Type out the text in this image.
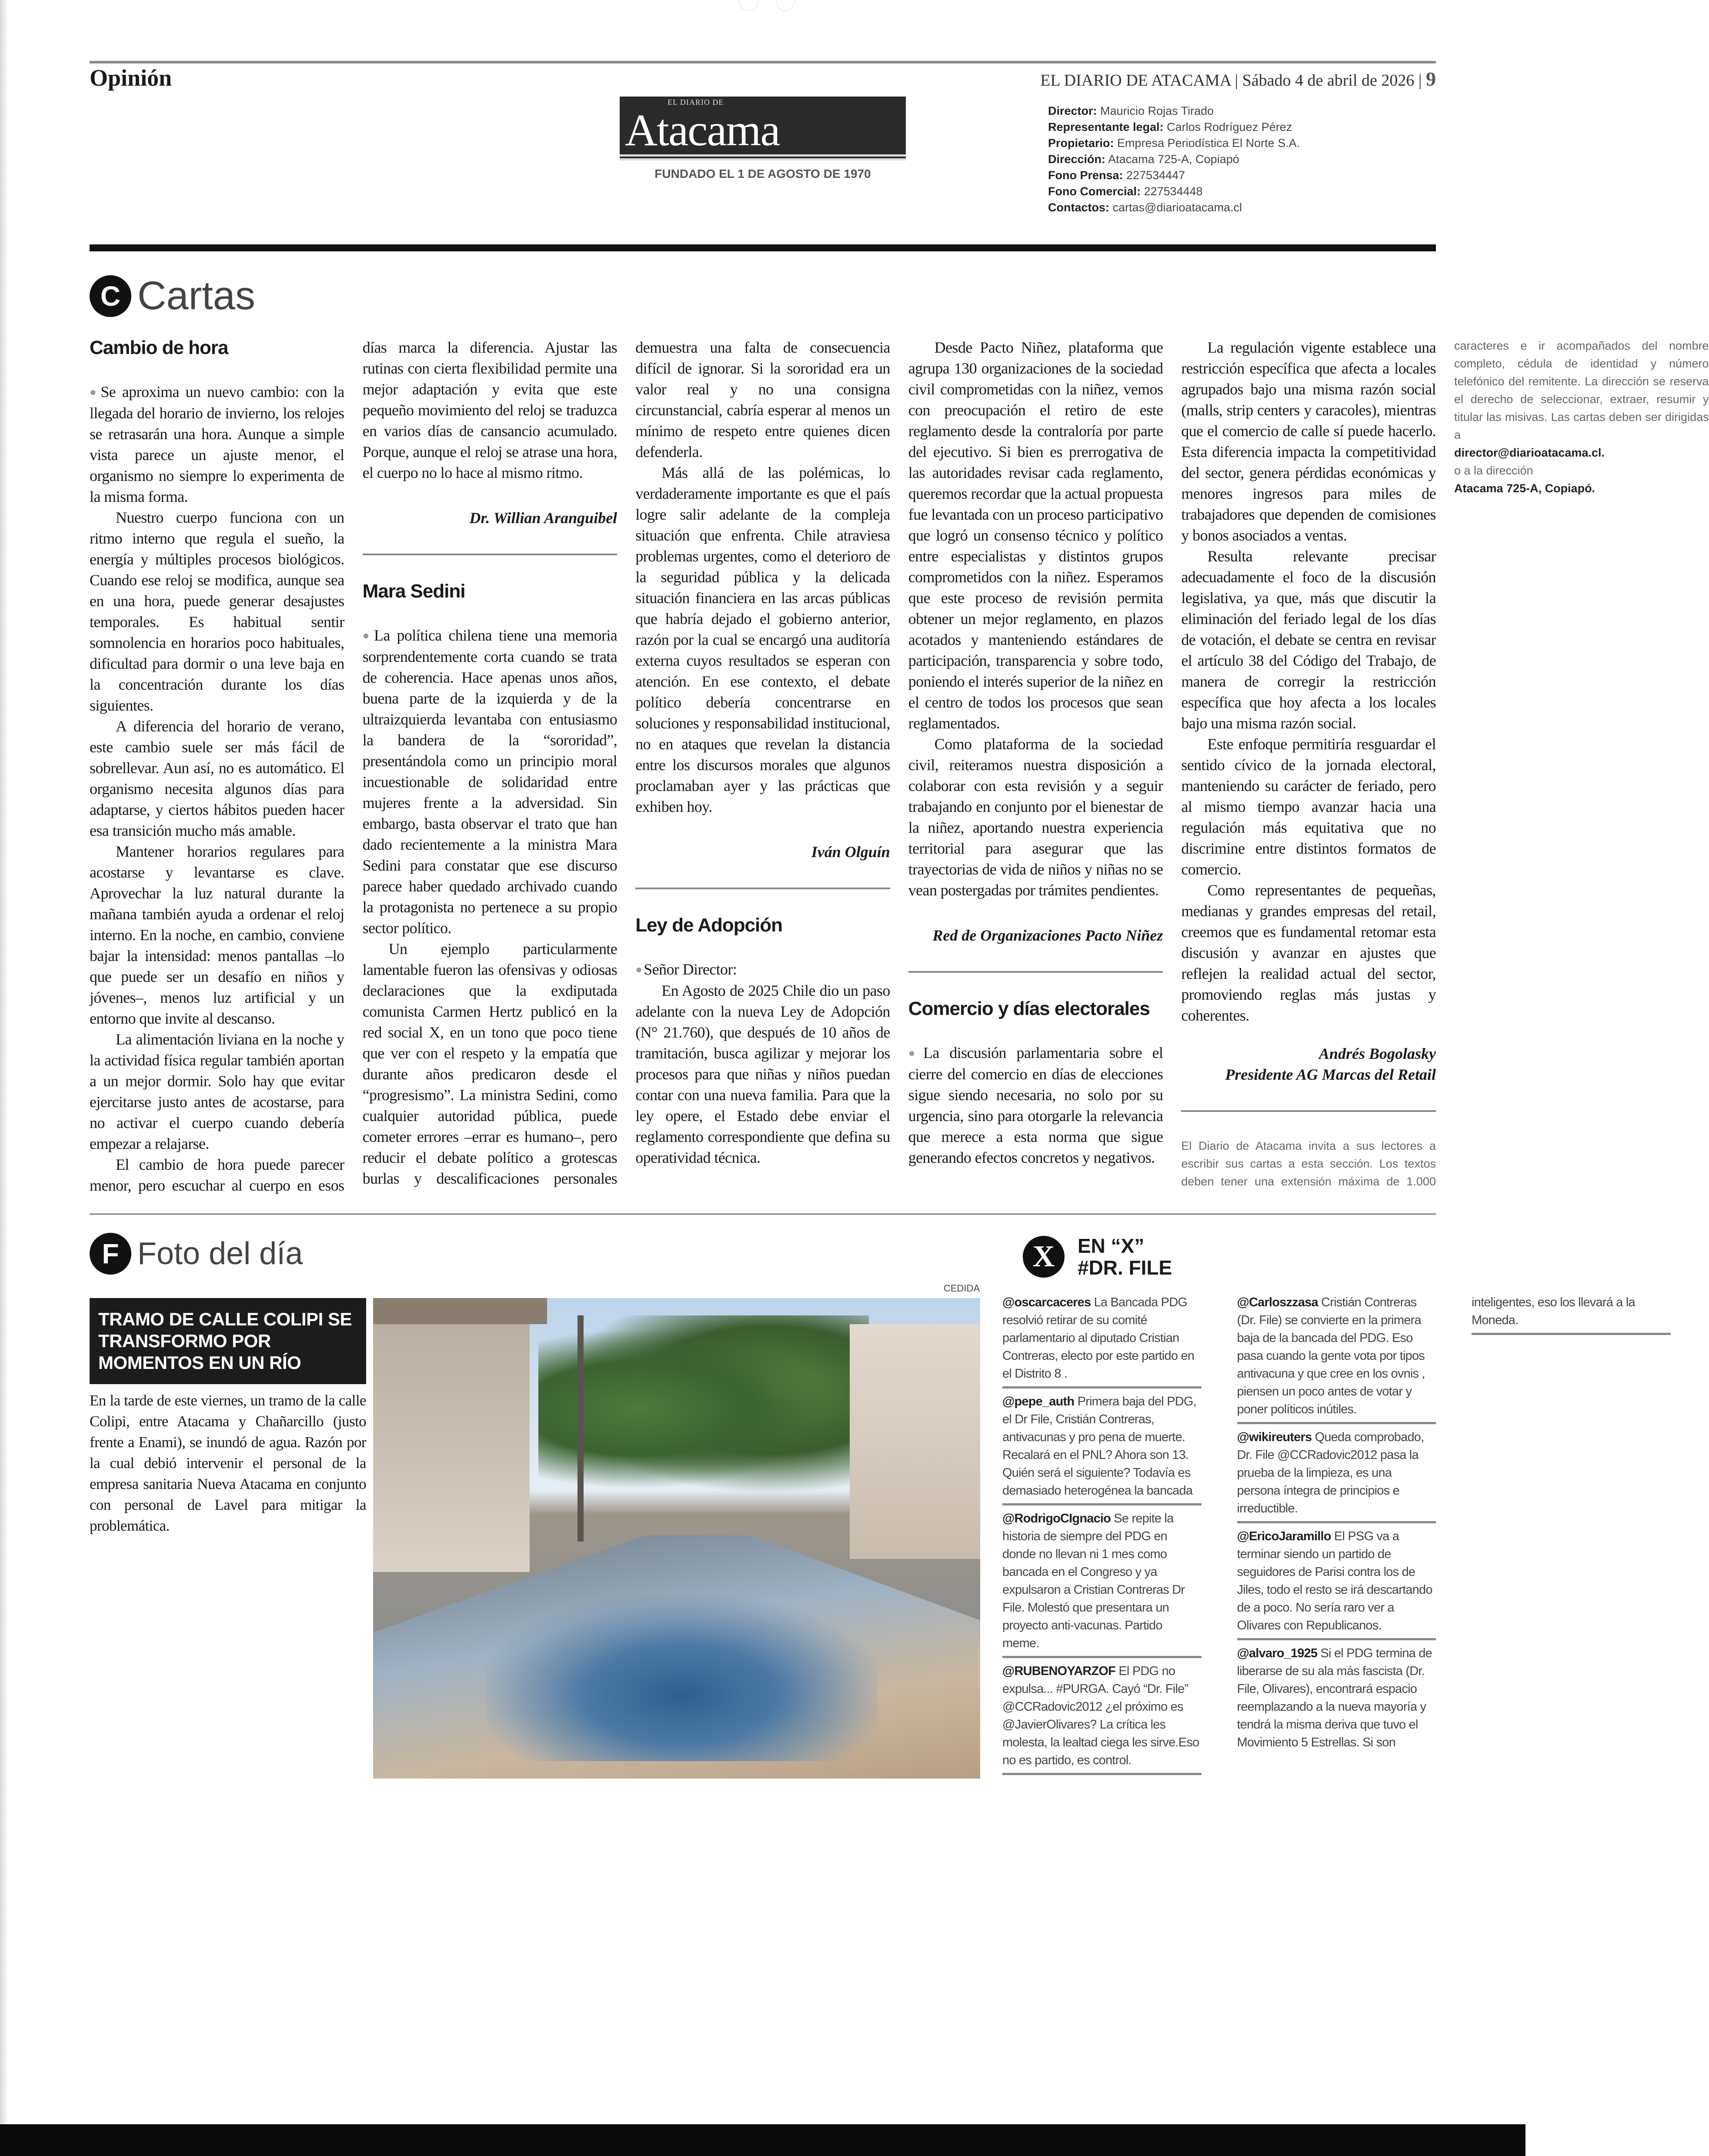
Opinión	EL DIARIO DE ATACAMA | Sábado 4 de abril de 2026 | 9
EL DIARIO DE
Atacama
FUNDADO EL 1 DE AGOSTO DE 1970
Director: Mauricio Rojas Tirado
Representante legal: Carlos Rodríguez Pérez
Propietario: Empresa Periodística El Norte S.A.
Dirección: Atacama 725-A, Copiapó
Fono Prensa: 227534447
Fono Comercial: 227534448
Contactos: cartas@diarioatacama.cl
C Cartas
Cambio de hora

● Se aproxima un nuevo cambio: con la llegada del horario de invierno, los relojes se retrasarán una hora. Aunque a simple vista parece un ajuste menor, el organismo no siempre lo experimenta de la misma forma.

Nuestro cuerpo funciona con un ritmo interno que regula el sueño, la energía y múltiples procesos biológicos. Cuando ese reloj se modifica, aunque sea en una hora, puede generar desajustes temporales. Es habitual sentir somnolencia en horarios poco habituales, dificultad para dormir o una leve baja en la concentración durante los días siguientes.

A diferencia del horario de verano, este cambio suele ser más fácil de sobrellevar. Aun así, no es automático. El organismo necesita algunos días para adaptarse, y ciertos hábitos pueden hacer esa transición mucho más amable.

Mantener horarios regulares para acostarse y levantarse es clave. Aprovechar la luz natural durante la mañana también ayuda a ordenar el reloj interno. En la noche, en cambio, conviene bajar la intensidad: menos pantallas –lo que puede ser un desafío en niños y jóvenes–, menos luz artificial y un entorno que invite al descanso.

La alimentación liviana en la noche y la actividad física regular también aportan a un mejor dormir. Solo hay que evitar ejercitarse justo antes de acostarse, para no activar el cuerpo cuando debería empezar a relajarse.

El cambio de hora puede parecer menor, pero escuchar al cuerpo en esos días marca la diferencia. Ajustar las rutinas con cierta flexibilidad permite una mejor adaptación y evita que este pequeño movimiento del reloj se traduzca en varios días de cansancio acumulado. Porque, aunque el reloj se atrase una hora, el cuerpo no lo hace al mismo ritmo.

Dr. Willian Aranguibel
Mara Sedini

● La política chilena tiene una memoria sorprendentemente corta cuando se trata de coherencia. Hace apenas unos años, buena parte de la izquierda y de la ultraizquierda levantaba con entusiasmo la bandera de la “sororidad”, presentándola como un principio moral incuestionable de solidaridad entre mujeres frente a la adversidad. Sin embargo, basta observar el trato que han dado recientemente a la ministra Mara Sedini para constatar que ese discurso parece haber quedado archivado cuando la protagonista no pertenece a su propio sector político.

Un ejemplo particularmente lamentable fueron las ofensivas y odiosas declaraciones que la exdiputada comunista Carmen Hertz publicó en la red social X, en un tono que poco tiene que ver con el respeto y la empatía que durante años predicaron desde el “progresismo”. La ministra Sedini, como cualquier autoridad pública, puede cometer errores –errar es humano–, pero reducir el debate político a grotescas burlas y descalificaciones personales demuestra una falta de consecuencia difícil de ignorar. Si la sororidad era un valor real y no una consigna circunstancial, cabría esperar al menos un mínimo de respeto entre quienes dicen defenderla.

Más allá de las polémicas, lo verdaderamente importante es que el país logre salir adelante de la compleja situación que enfrenta. Chile atraviesa problemas urgentes, como el deterioro de la seguridad pública y la delicada situación financiera en las arcas públicas que habría dejado el gobierno anterior, razón por la cual se encargó una auditoría externa cuyos resultados se esperan con atención. En ese contexto, el debate político debería concentrarse en soluciones y responsabilidad institucional, no en ataques que revelan la distancia entre los discursos morales que algunos proclamaban ayer y las prácticas que exhiben hoy.

Iván Olguín
Ley de Adopción

● Señor Director:

En Agosto de 2025 Chile dio un paso adelante con la nueva Ley de Adopción (N° 21.760), que después de 10 años de tramitación, busca agilizar y mejorar los procesos para que niñas y niños puedan contar con una nueva familia. Para que la ley opere, el Estado debe enviar el reglamento correspondiente que defina su operatividad técnica.

Desde Pacto Niñez, plataforma que agrupa 130 organizaciones de la sociedad civil comprometidas con la niñez, vemos con preocupación el retiro de este reglamento desde la contraloría por parte del ejecutivo. Si bien es prerrogativa de las autoridades revisar cada reglamento, queremos recordar que la actual propuesta fue levantada con un proceso participativo que logró un consenso técnico y político entre especialistas y distintos grupos comprometidos con la niñez. Esperamos que este proceso de revisión permita obtener un mejor reglamento, en plazos acotados y manteniendo estándares de participación, transparencia y sobre todo, poniendo el interés superior de la niñez en el centro de todos los procesos que sean reglamentados.

Como plataforma de la sociedad civil, reiteramos nuestra disposición a colaborar con esta revisión y a seguir trabajando en conjunto por el bienestar de la niñez, aportando nuestra experiencia territorial para asegurar que las trayectorias de vida de niños y niñas no se vean postergadas por trámites pendientes.

Red de Organizaciones Pacto Niñez
Comercio y días electorales

● La discusión parlamentaria sobre el cierre del comercio en días de elecciones sigue siendo necesaria, no solo por su urgencia, sino para otorgarle la relevancia que merece a esta norma que sigue generando efectos concretos y negativos.

La regulación vigente establece una restricción específica que afecta a locales agrupados bajo una misma razón social (malls, strip centers y caracoles), mientras que el comercio de calle sí puede hacerlo. Esta diferencia impacta la competitividad del sector, genera pérdidas económicas y menores ingresos para miles de trabajadores que dependen de comisiones y bonos asociados a ventas.

Resulta relevante precisar adecuadamente el foco de la discusión legislativa, ya que, más que discutir la eliminación del feriado legal de los días de votación, el debate se centra en revisar el artículo 38 del Código del Trabajo, de manera de corregir la restricción específica que hoy afecta a los locales bajo una misma razón social.

Este enfoque permitiría resguardar el sentido cívico de la jornada electoral, manteniendo su carácter de feriado, pero al mismo tiempo avanzar hacia una regulación más equitativa que no discrimine entre distintos formatos de comercio.

Como representantes de pequeñas, medianas y grandes empresas del retail, creemos que es fundamental retomar esta discusión y avanzar en ajustes que reflejen la realidad actual del sector, promoviendo reglas más justas y coherentes.

Andrés Bogolasky
Presidente AG Marcas del Retail
El Diario de Atacama invita a sus lectores a escribir sus cartas a esta sección. Los textos deben tener una extensión máxima de 1.000 caracteres e ir acompañados del nombre completo, cédula de identidad y número telefónico del remitente. La dirección se reserva el derecho de seleccionar, extraer, resumir y titular las misivas. Las cartas deben ser dirigidas a
director@diarioatacama.cl.
o a la dirección
Atacama 725-A, Copiapó.
F Foto del día
TRAMO DE CALLE COLIPI SE TRANSFORMO POR MOMENTOS EN UN RÍO
En la tarde de este viernes, un tramo de la calle Colipi, entre Atacama y Chañarcillo (justo frente a Enami), se inundó de agua. Razón por la cual debió intervenir el personal de la empresa sanitaria Nueva Atacama en conjunto con personal de Lavel para mitigar la problemática.
CEDIDA
X	EN “X”
#DR. FILE
@oscarcaceres La Bancada PDG resolvió retirar de su comité parlamentario al diputado Cristian Contreras, electo por este partido en el Distrito 8 .
@pepe_auth Primera baja del PDG, el Dr File, Cristián Contreras, antivacunas y pro pena de muerte. Recalará en el PNL? Ahora son 13. Quién será el siguiente? Todavía es demasiado heterogénea la bancada
@RodrigoCIgnacio Se repite la historia de siempre del PDG en donde no llevan ni 1 mes como bancada en el Congreso y ya expulsaron a Cristian Contreras Dr File. Molestó que presentara un proyecto anti-vacunas. Partido meme.
@RUBENOYARZOF El PDG no expulsa... #PURGA. Cayó “Dr. File” @CCRadovic2012 ¿el próximo es @JavierOlivares? La crítica les molesta, la lealtad ciega les sirve.Eso no es partido, es control.
@Carloszzasa Cristián Contreras (Dr. File) se convierte en la primera baja de la bancada del PDG. Eso pasa cuando la gente vota por tipos antivacuna y que cree en los ovnis , piensen un poco antes de votar y poner políticos inútiles.
@wikireuters Queda comprobado, Dr. File @CCRadovic2012 pasa la prueba de la limpieza, es una persona íntegra de principios e irreductible.
@EricoJaramillo El PSG va a terminar siendo un partido de seguidores de Parisi contra los de Jiles, todo el resto se irá descartando de a poco. No sería raro ver a Olivares con Republicanos.
@alvaro_1925 Si el PDG termina de liberarse de su ala más fascista (Dr. File, Olivares), encontrará espacio reemplazando a la nueva mayoría y tendrá la misma deriva que tuvo el Movimiento 5 Estrellas. Si son inteligentes, eso los llevará a la Moneda.
